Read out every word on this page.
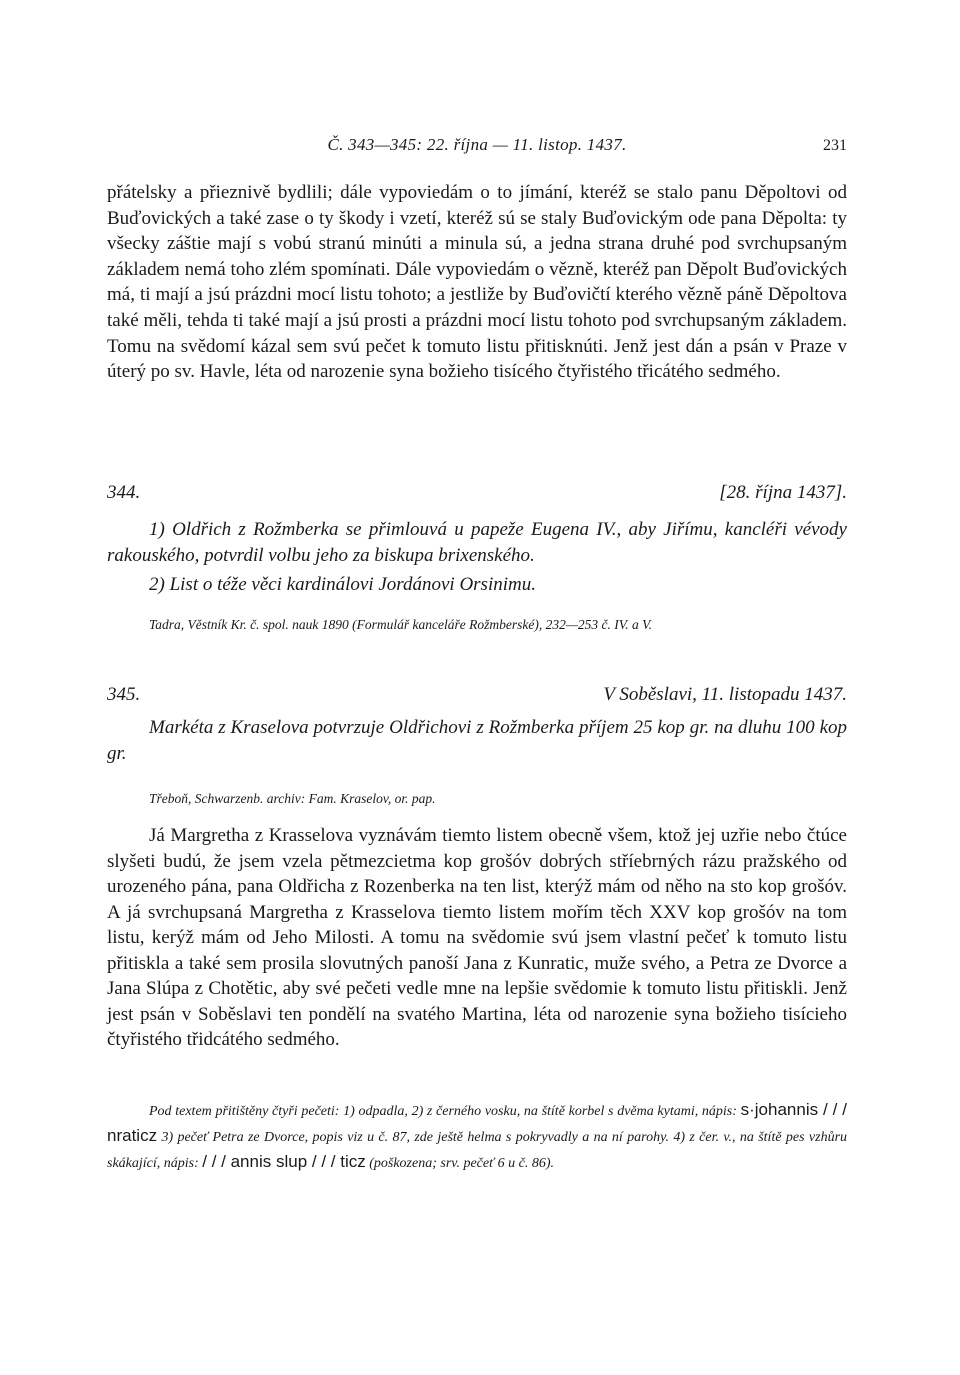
Č. 343—345: 22. října — 11. listop. 1437.	231

přátelsky a přieznivě bydlili; dále vypoviedám o to jímání, kteréž se stalo panu Děpoltovi od Buďovických a také zase o ty škody i vzetí, kteréž sú se staly Buďovickým ode pana Děpolta: ty všecky záštie mají s vobú stranú minúti a minula sú, a jedna strana druhé pod svrchupsaným základem nemá toho zlém spomínati. Dále vypoviedám o vězně, kteréž pan Děpolt Buďovických má, ti mají a jsú prázdni mocí listu tohoto; a jestliže by Buďovičtí kterého vězně páně Děpoltova také měli, tehda ti také mají a jsú prosti a prázdni mocí listu tohoto pod svrchupsaným základem. Tomu na svědomí kázal sem svú pečet k tomuto listu přitisknúti. Jenž jest dán a psán v Praze v úterý po sv. Havle, léta od narozenie syna božieho tisícého čtyřistého třicátého sedmého.

344.	[28. října 1437].

1) Oldřich z Rožmberka se přimlouvá u papeže Eugena IV., aby Jiřímu, kancléři vévody rakouského, potvrdil volbu jeho za biskupa brixenského.

2) List o téže věci kardinálovi Jordánovi Orsinimu.

Tadra, Věstník Kr. č. spol. nauk 1890 (Formulář kanceláře Rožmberské), 232—253 č. IV. a V.
345.	V Soběslavi, 11. listopadu 1437.

Markéta z Kraselova potvrzuje Oldřichovi z Rožmberka příjem 25 kop gr. na dluhu 100 kop gr.

Třeboň, Schwarzenb. archiv: Fam. Kraselov, or. pap.

Já Margretha z Krasselova vyznávám tiemto listem obecně všem, ktož jej uzřie nebo čtúce slyšeti budú, že jsem vzela pětmezcietma kop grošóv dobrých stříebrných rázu pražského od urozeného pána, pana Oldřicha z Rozenberka na ten list, kterýž mám od něho na sto kop grošóv. A já svrchupsaná Margretha z Krasselova tiemto listem mořím těch XXV kop grošóv na tom listu, kerýž mám od Jeho Milosti. A tomu na svědomie svú jsem vlastní pečeť k tomuto listu přitiskla a také sem prosila slovutných panoší Jana z Kunratic, muže svého, a Petra ze Dvorce a Jana Slúpa z Chotětic, aby své pečeti vedle mne na lepšie svědomie k tomuto listu přitiskli. Jenž jest psán v Soběslavi ten pondělí na svatého Martina, léta od narozenie syna božieho tisícieho čtyřistého třidcátého sedmého.

Pod textem přitištěny čtyři pečeti: 1) odpadla, 2) z černého vosku, na štítě korbel s dvěma kytami, nápis: s·johannis / / / nraticz 3) pečeť Petra ze Dvorce, popis viz u č. 87, zde ještě helma s pokryvadly a na ní parohy. 4) z čer. v., na štítě pes vzhůru skákající, nápis: / / / annis slup / / / ticz (poškozena; srv. pečeť 6 u č. 86).
